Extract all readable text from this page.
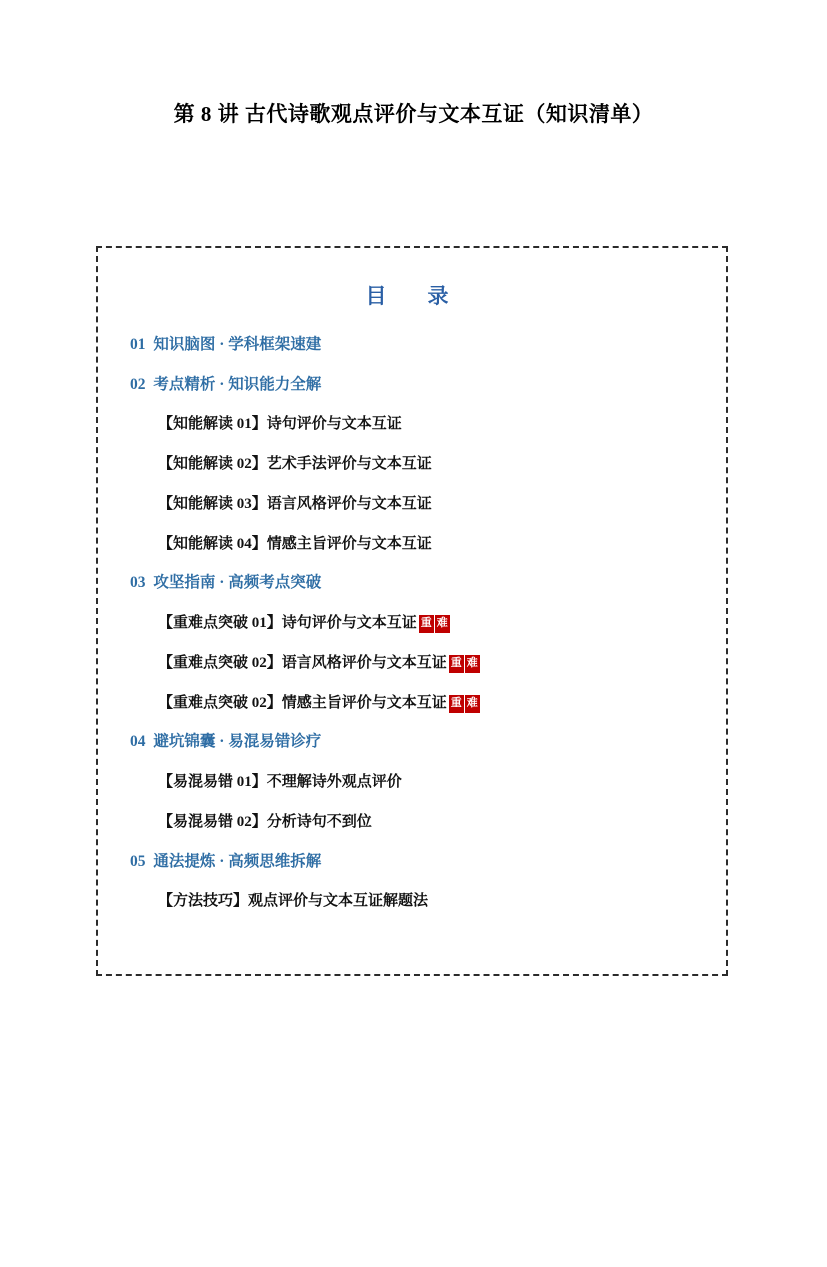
第 8 讲 古代诗歌观点评价与文本互证（知识清单）
目　录
01 知识脑图 · 学科框架速建
02 考点精析 · 知识能力全解
【知能解读 01】诗句评价与文本互证
【知能解读 02】艺术手法评价与文本互证
【知能解读 03】语言风格评价与文本互证
【知能解读 04】情感主旨评价与文本互证
03 攻坚指南 · 高频考点突破
【重难点突破 01】诗句评价与文本互证 重 难
【重难点突破 02】语言风格评价与文本互证 重 难
【重难点突破 02】情感主旨评价与文本互证 重 难
04 避坑锦囊 · 易混易错诊疗
【易混易错 01】不理解诗外观点评价
【易混易错 02】分析诗句不到位
05 通法提炼 · 高频思维拆解
【方法技巧】观点评价与文本互证解题法
